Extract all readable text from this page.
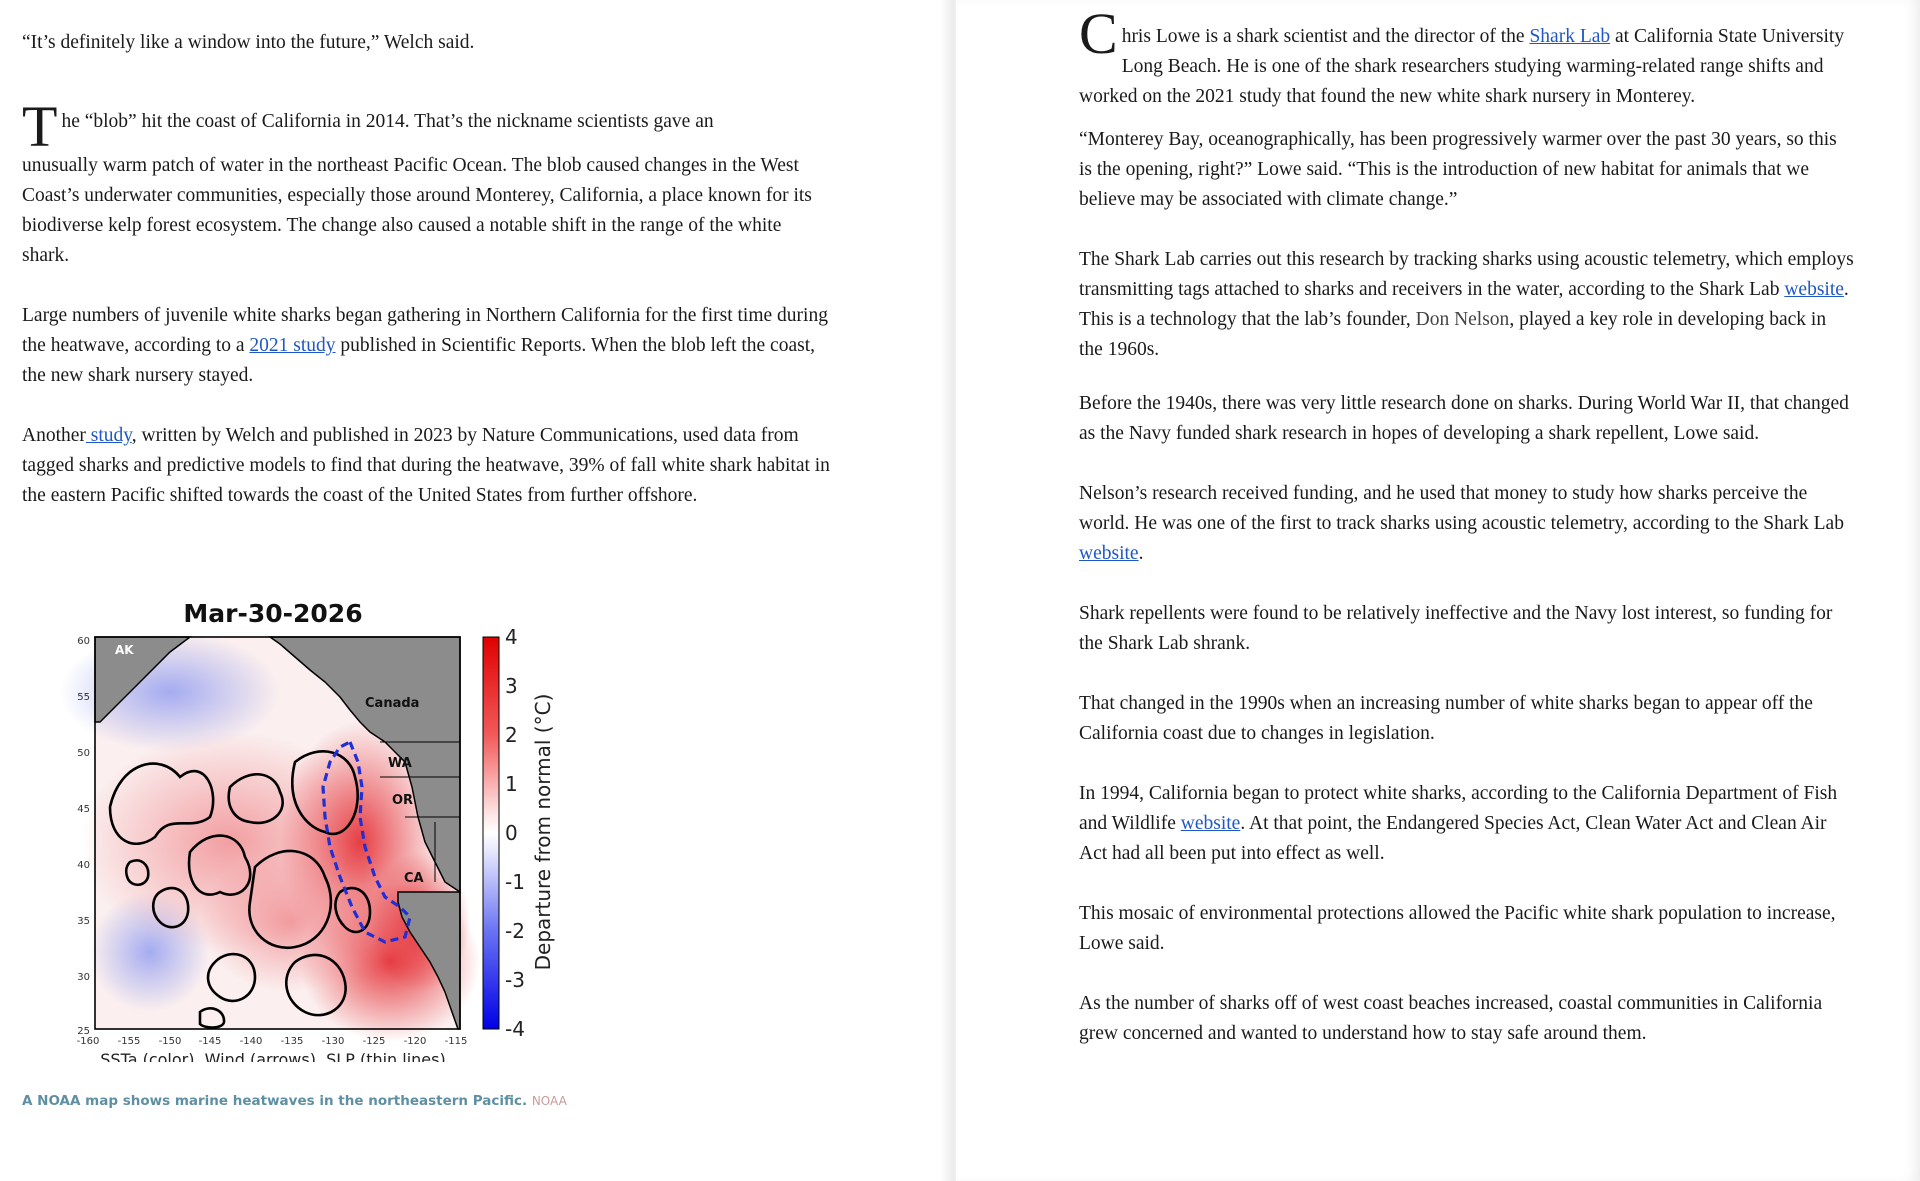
“It’s definitely like a window into the future,” Welch said.

T he “blob” hit the coast of California in 2014. That’s the nickname scientists gave an

unusually warm patch of water in the northeast Pacific Ocean. The blob caused changes in the West Coast’s underwater communities, especially those around Monterey, California, a place known for its biodiverse kelp forest ecosystem. The change also caused a notable shift in the range of the white shark.

Large numbers of juvenile white sharks began gathering in Northern California for the first time during the heatwave, according to a 2021 study published in Scientific Reports. When the blob left the coast, the new shark nursery stayed.

Another study, written by Welch and published in 2023 by Nature Communications, used data from tagged sharks and predictive models to find that during the heatwave, 39% of fall white shark habitat in the eastern Pacific shifted towards the coast of the United States from further offshore.

Mar-30-2026
AK
Canada
WA
OR
CA
60
55
50
45
40
35
30
25
-160 -155 -150 -145 -140 -135 -130 -125 -120 -115
SSTa (color), Wind (arrows), SLP (thin lines)
4
3
2
1
0
-1
-2
-3
-4
Departure from normal (°C)
A NOAA map shows marine heatwaves in the northeastern Pacific. NOAA

Chris Lowe is a shark scientist and the director of the Shark Lab at California State University Long Beach. He is one of the shark researchers studying warming-related range shifts and worked on the 2021 study that found the new white shark nursery in Monterey.

“Monterey Bay, oceanographically, has been progressively warmer over the past 30 years, so this is the opening, right?” Lowe said. “This is the introduction of new habitat for animals that we believe may be associated with climate change.”

The Shark Lab carries out this research by tracking sharks using acoustic telemetry, which employs transmitting tags attached to sharks and receivers in the water, according to the Shark Lab website. This is a technology that the lab’s founder, Don Nelson, played a key role in developing back in the 1960s.

Before the 1940s, there was very little research done on sharks. During World War II, that changed as the Navy funded shark research in hopes of developing a shark repellent, Lowe said.

Nelson’s research received funding, and he used that money to study how sharks perceive the world. He was one of the first to track sharks using acoustic telemetry, according to the Shark Lab website.

Shark repellents were found to be relatively ineffective and the Navy lost interest, so funding for the Shark Lab shrank.

That changed in the 1990s when an increasing number of white sharks began to appear off the California coast due to changes in legislation.

In 1994, California began to protect white sharks, according to the California Department of Fish and Wildlife website. At that point, the Endangered Species Act, Clean Water Act and Clean Air Act had all been put into effect as well.

This mosaic of environmental protections allowed the Pacific white shark population to increase, Lowe said.

As the number of sharks off of west coast beaches increased, coastal communities in California grew concerned and wanted to understand how to stay safe around them.
